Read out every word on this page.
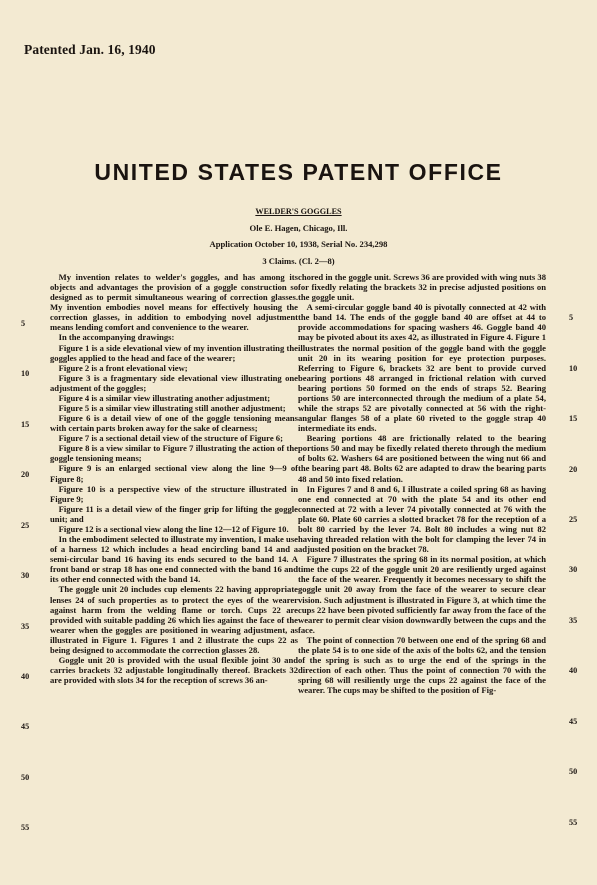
Patented Jan. 16, 1940
UNITED STATES PATENT OFFICE
WELDER'S GOGGLES
Ole E. Hagen, Chicago, Ill.
Application October 10, 1938, Serial No. 234,298
3 Claims. (Cl. 2—8)

My invention relates to welder's goggles, and has among its objects and advantages the provision of a goggle construction so designed as to permit simultaneous wearing of correction glasses. My invention embodies novel means for effectively housing the correction glasses, in addition to embodying novel adjustment means lending comfort and convenience to the wearer.

In the accompanying drawings:

Figure 1 is a side elevational view of my invention illustrating the goggles applied to the head and face of the wearer;

Figure 2 is a front elevational view;

Figure 3 is a fragmentary side elevational view illustrating one adjustment of the goggles;

Figure 4 is a similar view illustrating another adjustment;

Figure 5 is a similar view illustrating still another adjustment;

Figure 6 is a detail view of one of the goggle tensioning means with certain parts broken away for the sake of clearness;

Figure 7 is a sectional detail view of the structure of Figure 6;

Figure 8 is a view similar to Figure 7 illustrating the action of the goggle tensioning means;

Figure 9 is an enlarged sectional view along the line 9—9 of Figure 8;

Figure 10 is a perspective view of the structure illustrated in Figure 9;

Figure 11 is a detail view of the finger grip for lifting the goggle unit; and

Figure 12 is a sectional view along the line 12—12 of Figure 10.

In the embodiment selected to illustrate my invention, I make use of a harness 12 which includes a head encircling band 14 and a semi-circular band 16 having its ends secured to the band 14. A front band or strap 18 has one end connected with the band 16 and its other end connected with the band 14.

The goggle unit 20 includes cup elements 22 having appropriate lenses 24 of such properties as to protect the eyes of the wearer against harm from the welding flame or torch. Cups 22 are provided with suitable padding 26 which lies against the face of the wearer when the goggles are positioned in wearing adjustment, as illustrated in Figure 1. Figures 1 and 2 illustrate the cups 22 as being designed to accommodate the correction glasses 28.

Goggle unit 20 is provided with the usual flexible joint 30 and carries brackets 32 adjustable longitudinally thereof. Brackets 32 are provided with slots 34 for the reception of screws 36 an-

chored in the goggle unit. Screws 36 are provided with wing nuts 38 for fixedly relating the brackets 32 in precise adjusted positions on the goggle unit.

A semi-circular goggle band 40 is pivotally connected at 42 with the band 14. The ends of the goggle band 40 are offset at 44 to provide accommodations for spacing washers 46. Goggle band 40 may be pivoted about its axes 42, as illustrated in Figure 4. Figure 1 illustrates the normal position of the goggle band with the goggle unit 20 in its wearing position for eye protection purposes. Referring to Figure 6, brackets 32 are bent to provide curved bearing portions 48 arranged in frictional relation with curved bearing portions 50 formed on the ends of straps 52. Bearing portions 50 are interconnected through the medium of a plate 54, while the straps 52 are pivotally connected at 56 with the right-angular flanges 58 of a plate 60 riveted to the goggle strap 40 intermediate its ends.

Bearing portions 48 are frictionally related to the bearing portions 50 and may be fixedly related thereto through the medium of bolts 62. Washers 64 are positioned between the wing nut 66 and the bearing part 48. Bolts 62 are adapted to draw the bearing parts 48 and 50 into fixed relation.

In Figures 7 and 8 and 6, I illustrate a coiled spring 68 as having one end connected at 70 with the plate 54 and its other end connected at 72 with a lever 74 pivotally connected at 76 with the plate 60. Plate 60 carries a slotted bracket 78 for the reception of a bolt 80 carried by the lever 74. Bolt 80 includes a wing nut 82 having threaded relation with the bolt for clamping the lever 74 in adjusted position on the bracket 78.

Figure 7 illustrates the spring 68 in its normal position, at which time the cups 22 of the goggle unit 20 are resiliently urged against the face of the wearer. Frequently it becomes necessary to shift the goggle unit 20 away from the face of the wearer to secure clear vision. Such adjustment is illustrated in Figure 3, at which time the cups 22 have been pivoted sufficiently far away from the face of the wearer to permit clear vision downwardly between the cups and the face.

The point of connection 70 between one end of the spring 68 and the plate 54 is to one side of the axis of the bolts 62, and the tension of the spring is such as to urge the end of the springs in the direction of each other. Thus the point of connection 70 with the spring 68 will resiliently urge the cups 22 against the face of the wearer. The cups may be shifted to the position of Fig-

5
10
15
20
25
30
35
40
45
50
55
5
10
15
20
25
30
35
40
45
50
55
